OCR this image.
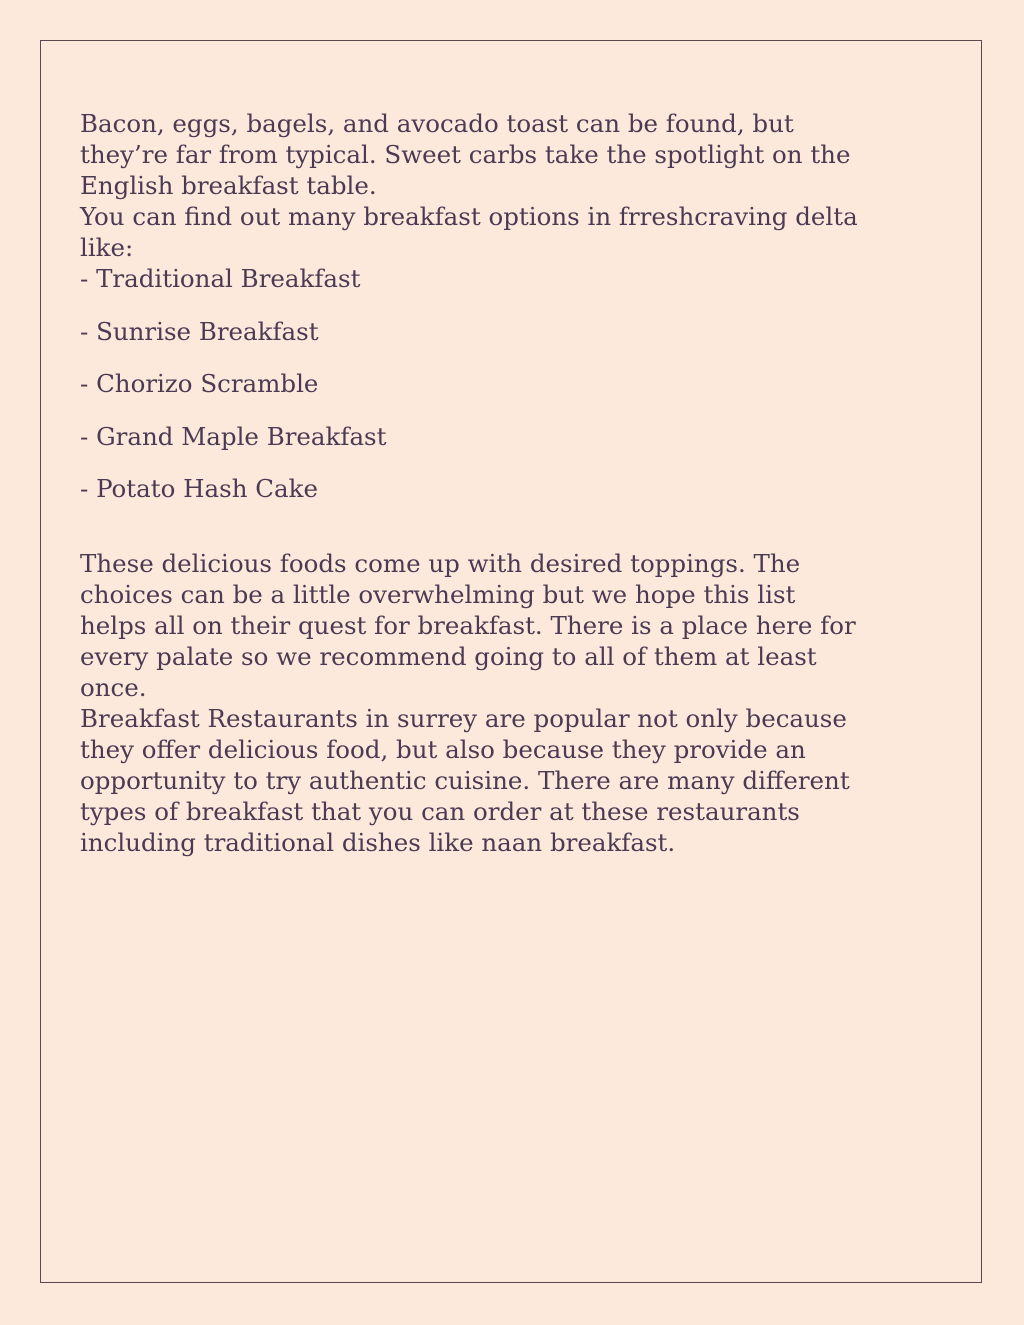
Bacon, eggs, bagels, and avocado toast can be found, but they’re far from typical. Sweet carbs take the spotlight on the English breakfast table.

You can find out many breakfast options in frreshcraving delta like:

- Traditional Breakfast
- Sunrise Breakfast
- Chorizo Scramble
- Grand Maple Breakfast
- Potato Hash Cake

These delicious foods come up with desired toppings. The choices can be a little overwhelming but we hope this list helps all on their quest for breakfast. There is a place here for every palate so we recommend going to all of them at least once.

Breakfast Restaurants in surrey are popular not only because they offer delicious food, but also because they provide an opportunity to try authentic cuisine. There are many different types of breakfast that you can order at these restaurants including traditional dishes like naan breakfast.
